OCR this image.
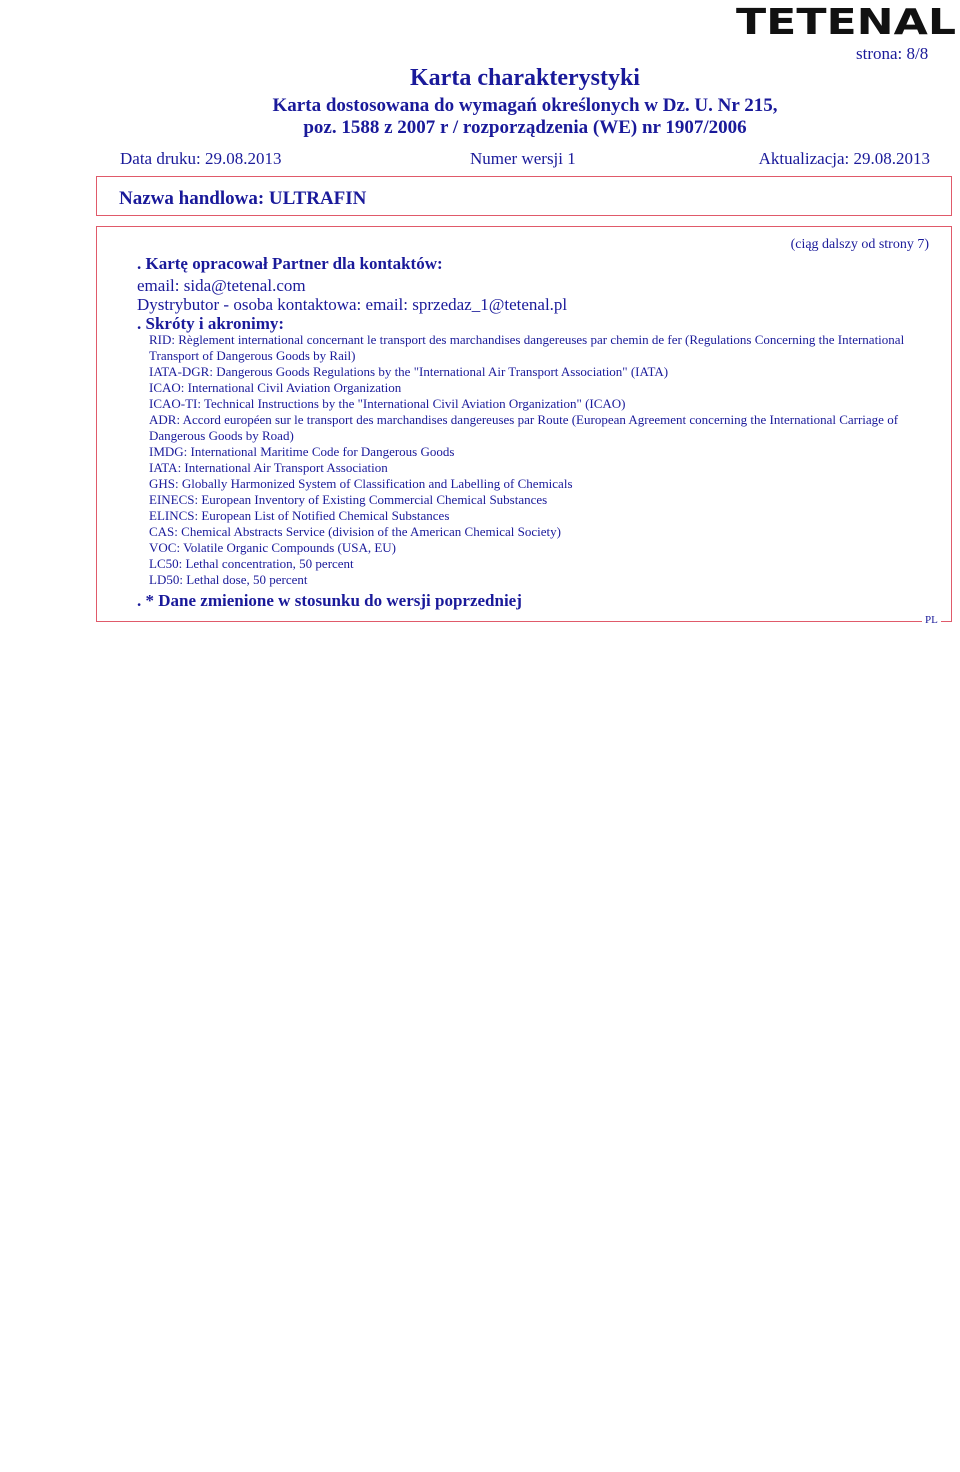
TETENAL
strona: 8/8
Karta charakterystyki
Karta dostosowana do wymagań określonych w Dz. U. Nr 215,
poz. 1588 z 2007 r / rozporządzenia (WE) nr 1907/2006
Data druku: 29.08.2013	Numer wersji 1	Aktualizacja: 29.08.2013
Nazwa handlowa: ULTRAFIN
(ciąg dalszy od strony 7)
. Kartę opracował Partner dla kontaktów:
email: sida@tetenal.com
Dystrybutor - osoba kontaktowa: email: sprzedaz_1@tetenal.pl
. Skróty i akronimy:
RID: Règlement international concernant le transport des marchandises dangereuses par chemin de fer (Regulations Concerning the International Transport of Dangerous Goods by Rail)
IATA-DGR: Dangerous Goods Regulations by the "International Air Transport Association" (IATA)
ICAO: International Civil Aviation Organization
ICAO-TI: Technical Instructions by the "International Civil Aviation Organization" (ICAO)
ADR: Accord européen sur le transport des marchandises dangereuses par Route (European Agreement concerning the International Carriage of Dangerous Goods by Road)
IMDG: International Maritime Code for Dangerous Goods
IATA: International Air Transport Association
GHS: Globally Harmonized System of Classification and Labelling of Chemicals
EINECS: European Inventory of Existing Commercial Chemical Substances
ELINCS: European List of Notified Chemical Substances
CAS: Chemical Abstracts Service (division of the American Chemical Society)
VOC: Volatile Organic Compounds (USA, EU)
LC50: Lethal concentration, 50 percent
LD50: Lethal dose, 50 percent
. * Dane zmienione w stosunku do wersji poprzedniej
PL
